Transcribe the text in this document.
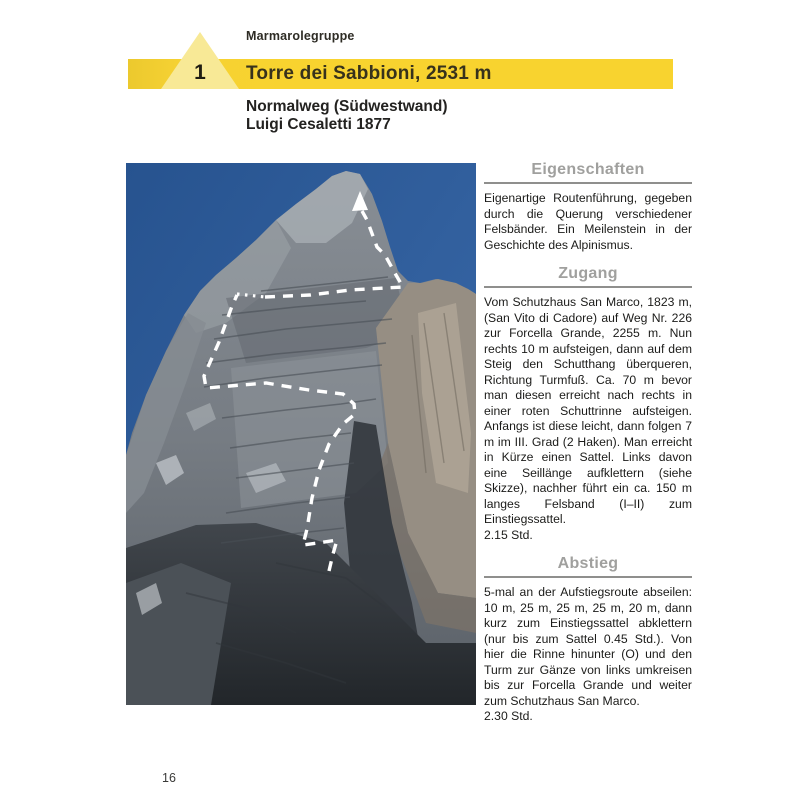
Marmarolegruppe
1	Torre dei Sabbioni, 2531 m
Normalweg (Südwestwand)
Luigi Cesaletti 1877
Eigenschaften

Eigenartige Routenführung, gegeben durch die Querung verschiedener Felsbänder. Ein Meilenstein in der Geschichte des Alpinismus.

Zugang

Vom Schutzhaus San Marco, 1823 m, (San Vito di Cadore) auf Weg Nr. 226 zur Forcella Grande, 2255 m. Nun rechts 10 m aufsteigen, dann auf dem Steig den Schutthang überqueren, Richtung Turmfuß. Ca. 70 m bevor man diesen erreicht nach rechts in einer roten Schuttrinne aufsteigen. Anfangs ist diese leicht, dann folgen 7 m im III. Grad (2 Haken). Man erreicht in Kürze einen Sattel. Links davon eine Seillänge aufklettern (siehe Skizze), nachher führt ein ca. 150 m langes Felsband (I–II) zum Einstiegssattel.

2.15 Std.
Abstieg

5-mal an der Aufstiegsroute abseilen: 10 m, 25 m, 25 m, 25 m, 20 m, dann kurz zum Einstiegssattel abklettern (nur bis zum Sattel 0.45 Std.). Von hier die Rinne hinunter (O) und den Turm zur Gänze von links umkreisen bis zur Forcella Grande und weiter zum Schutzhaus San Marco.

2.30 Std.
16
